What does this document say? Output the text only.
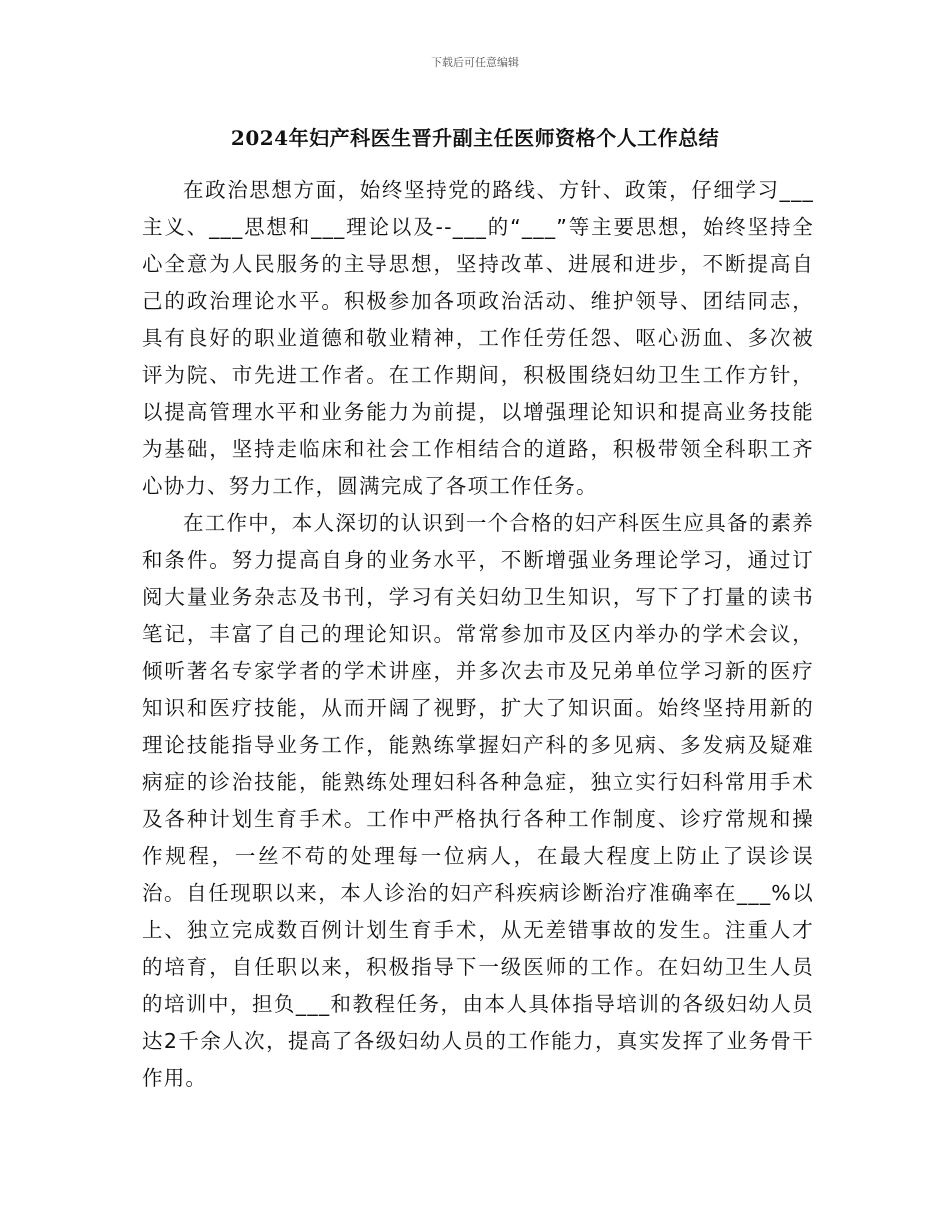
下载后可任意编辑
2024年妇产科医生晋升副主任医师资格个人工作总结

在政治思想方面，始终坚持党的路线、方针、政策，仔细学习___主义、___思想和___理论以及--___的“___”等主要思想，始终坚持全心全意为人民服务的主导思想，坚持改革、进展和进步，不断提高自己的政治理论水平。积极参加各项政治活动、维护领导、团结同志，具有良好的职业道德和敬业精神，工作任劳任怨、呕心沥血、多次被评为院、市先进工作者。在工作期间，积极围绕妇幼卫生工作方针，以提高管理水平和业务能力为前提，以增强理论知识和提高业务技能为基础，坚持走临床和社会工作相结合的道路，积极带领全科职工齐心协力、努力工作，圆满完成了各项工作任务。

在工作中，本人深切的认识到一个合格的妇产科医生应具备的素养和条件。努力提高自身的业务水平，不断增强业务理论学习，通过订阅大量业务杂志及书刊，学习有关妇幼卫生知识，写下了打量的读书笔记，丰富了自己的理论知识。常常参加市及区内举办的学术会议，倾听著名专家学者的学术讲座，并多次去市及兄弟单位学习新的医疗知识和医疗技能，从而开阔了视野，扩大了知识面。始终坚持用新的理论技能指导业务工作，能熟练掌握妇产科的多见病、多发病及疑难病症的诊治技能，能熟练处理妇科各种急症，独立实行妇科常用手术及各种计划生育手术。工作中严格执行各种工作制度、诊疗常规和操作规程，一丝不苟的处理每一位病人，在最大程度上防止了误诊误治。自任现职以来，本人诊治的妇产科疾病诊断治疗准确率在___%以上、独立完成数百例计划生育手术，从无差错事故的发生。注重人才的培育，自任职以来，积极指导下一级医师的工作。在妇幼卫生人员的培训中，担负___和教程任务，由本人具体指导培训的各级妇幼人员达2千余人次，提高了各级妇幼人员的工作能力，真实发挥了业务骨干作用。
